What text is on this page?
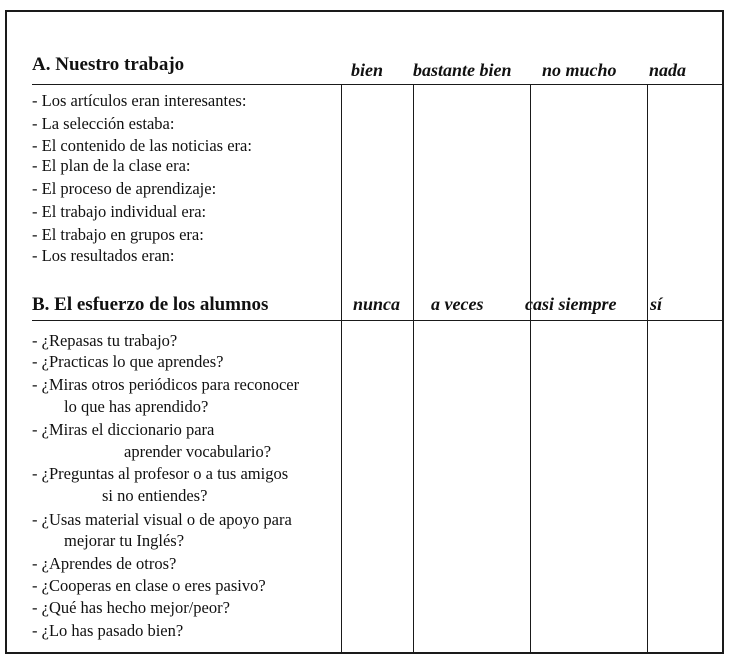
A. Nuestro trabajo	bien bastante bien no mucho nada
- Los artículos eran interesantes:
- La selección estaba:
- El contenido de las noticias era:
- El plan de la clase era:
- El proceso de aprendizaje:
- El trabajo individual era:
- El trabajo en grupos era:
- Los resultados eran:
B. El esfuerzo de los alumnos	nunca a veces casi siempre sí
- ¿Repasas tu trabajo?
- ¿Practicas lo que aprendes?
- ¿Miras otros periódicos para reconocer
lo que has aprendido?
- ¿Miras el diccionario para
aprender vocabulario?
- ¿Preguntas al profesor o a tus amigos
si no entiendes?
- ¿Usas material visual o de apoyo para
mejorar tu Inglés?
- ¿Aprendes de otros?
- ¿Cooperas en clase o eres pasivo?
- ¿Qué has hecho mejor/peor?
- ¿Lo has pasado bien?
